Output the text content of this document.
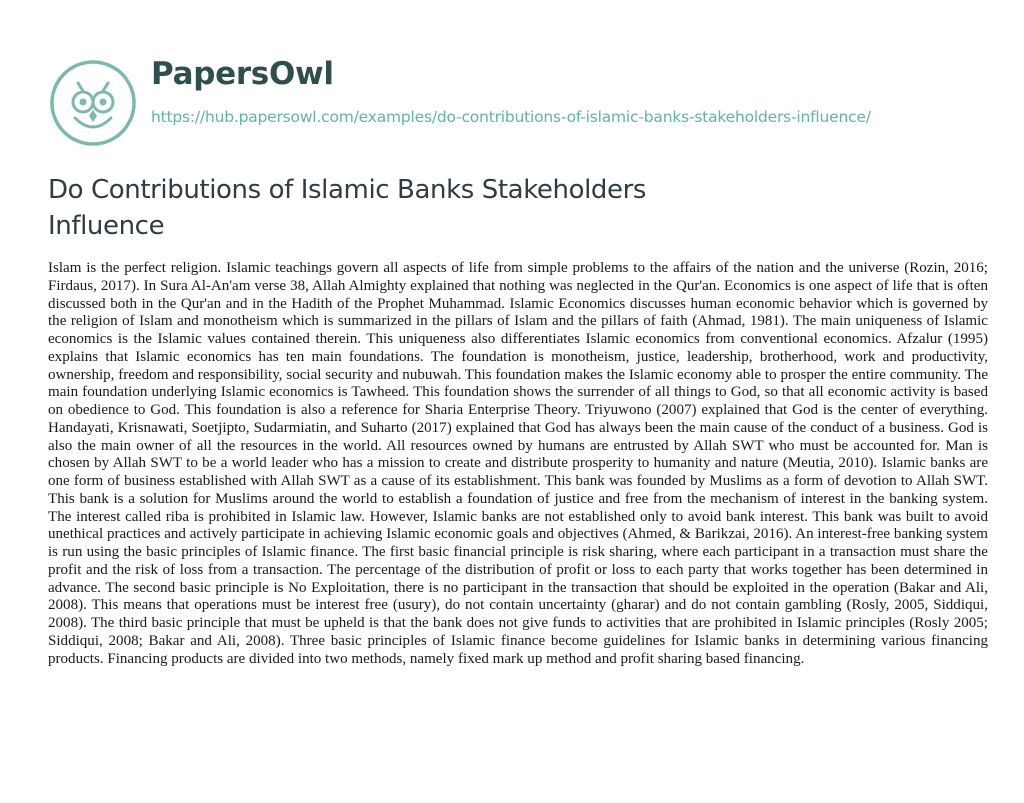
PapersOwl
https://hub.papersowl.com/examples/do-contributions-of-islamic-banks-stakeholders-influence/
Do Contributions of Islamic Banks Stakeholders Influence

Islam is the perfect religion. Islamic teachings govern all aspects of life from simple problems to the affairs of the nation and the universe (Rozin, 2016; Firdaus, 2017). In Sura Al-An'am verse 38, Allah Almighty explained that nothing was neglected in the Qur'an. Economics is one aspect of life that is often discussed both in the Qur'an and in the Hadith of the Prophet Muhammad. Islamic Economics discusses human economic behavior which is governed by the religion of Islam and monotheism which is summarized in the pillars of Islam and the pillars of faith (Ahmad, 1981). The main uniqueness of Islamic economics is the Islamic values contained therein. This uniqueness also differentiates Islamic economics from conventional economics. Afzalur (1995) explains that Islamic economics has ten main foundations. The foundation is monotheism, justice, leadership, brotherhood, work and productivity, ownership, freedom and responsibility, social security and nubuwah. This foundation makes the Islamic economy able to prosper the entire community. The main foundation underlying Islamic economics is Tawheed. This foundation shows the surrender of all things to God, so that all economic activity is based on obedience to God. This foundation is also a reference for Sharia Enterprise Theory. Triyuwono (2007) explained that God is the center of everything. Handayati, Krisnawati, Soetjipto, Sudarmiatin, and Suharto (2017) explained that God has always been the main cause of the conduct of a business. God is also the main owner of all the resources in the world. All resources owned by humans are entrusted by Allah SWT who must be accounted for. Man is chosen by Allah SWT to be a world leader who has a mission to create and distribute prosperity to humanity and nature (Meutia, 2010). Islamic banks are one form of business established with Allah SWT as a cause of its establishment. This bank was founded by Muslims as a form of devotion to Allah SWT. This bank is a solution for Muslims around the world to establish a foundation of justice and free from the mechanism of interest in the banking system. The interest called riba is prohibited in Islamic law. However, Islamic banks are not established only to avoid bank interest. This bank was built to avoid unethical practices and actively participate in achieving Islamic economic goals and objectives (Ahmed, & Barikzai, 2016). An interest-free banking system is run using the basic principles of Islamic finance. The first basic financial principle is risk sharing, where each participant in a transaction must share the profit and the risk of loss from a transaction. The percentage of the distribution of profit or loss to each party that works together has been determined in advance. The second basic principle is No Exploitation, there is no participant in the transaction that should be exploited in the operation (Bakar and Ali, 2008). This means that operations must be interest free (usury), do not contain uncertainty (gharar) and do not contain gambling (Rosly, 2005, Siddiqui, 2008). The third basic principle that must be upheld is that the bank does not give funds to activities that are prohibited in Islamic principles (Rosly 2005; Siddiqui, 2008; Bakar and Ali, 2008). Three basic principles of Islamic finance become guidelines for Islamic banks in determining various financing products. Financing products are divided into two methods, namely fixed mark up method and profit sharing based financing.
